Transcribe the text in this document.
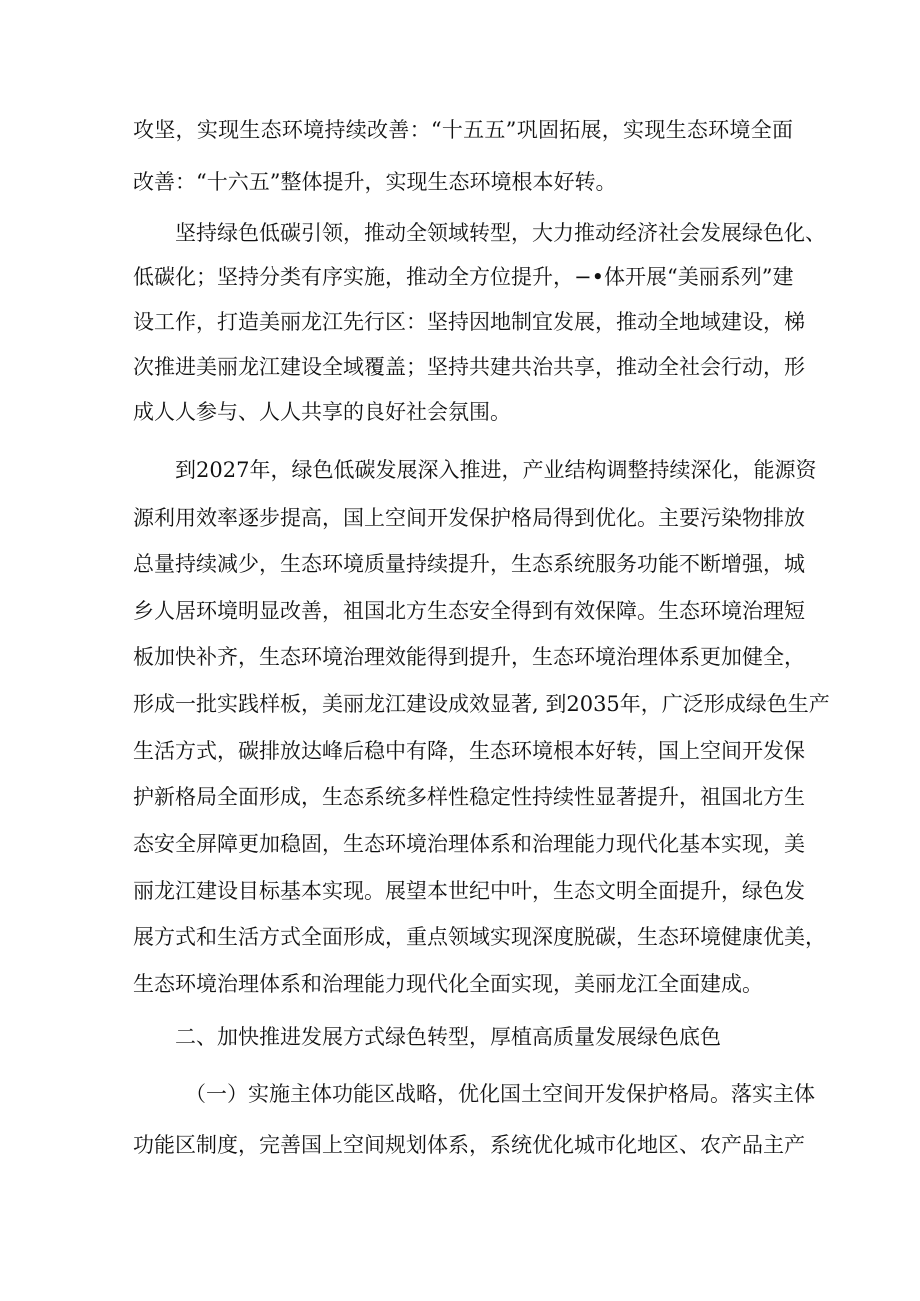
攻坚，实现生态环境持续改善：“十五五”巩固拓展，实现生态环境全面
改善：“十六五”整体提升，实现生态环境根本好转。
坚持绿色低碳引领，推动全领域转型，大力推动经济社会发展绿色化、
低碳化；坚持分类有序实施，推动全方位提升，−•体开展“美丽系列”建
设工作，打造美丽龙江先行区：坚持因地制宜发展，推动全地域建设，梯
次推进美丽龙江建设全域覆盖；坚持共建共治共享，推动全社会行动，形
成人人参与、人人共享的良好社会氛围。
到2027年，绿色低碳发展深入推进，产业结构调整持续深化，能源资
源利用效率逐步提高，国上空间开发保护格局得到优化。主要污染物排放
总量持续减少，生态环境质量持续提升，生态系统服务功能不断增强，城
乡人居环境明显改善，祖国北方生态安全得到有效保障。生态环境治理短
板加快补齐，生态环境治理效能得到提升，生态环境治理体系更加健全，
形成一批实践样板，美丽龙江建设成效显著, 到2035年，广泛形成绿色生产
生活方式，碳排放达峰后稳中有降，生态环境根本好转，国上空间开发保
护新格局全面形成，生态系统多样性稳定性持续性显著提升，祖国北方生
态安全屏障更加稳固，生态环境治理体系和治理能力现代化基本实现，美
丽龙江建设目标基本实现。展望本世纪中叶，生态文明全面提升，绿色发
展方式和生活方式全面形成，重点领域实现深度脱碳，生态环境健康优美，
生态环境治理体系和治理能力现代化全面实现，美丽龙江全面建成。
二、加快推进发展方式绿色转型，厚植高质量发展绿色底色
（一）实施主体功能区战略，优化国土空间开发保护格局。落实主体
功能区制度，完善国上空间规划体系，系统优化城市化地区、农产品主产
